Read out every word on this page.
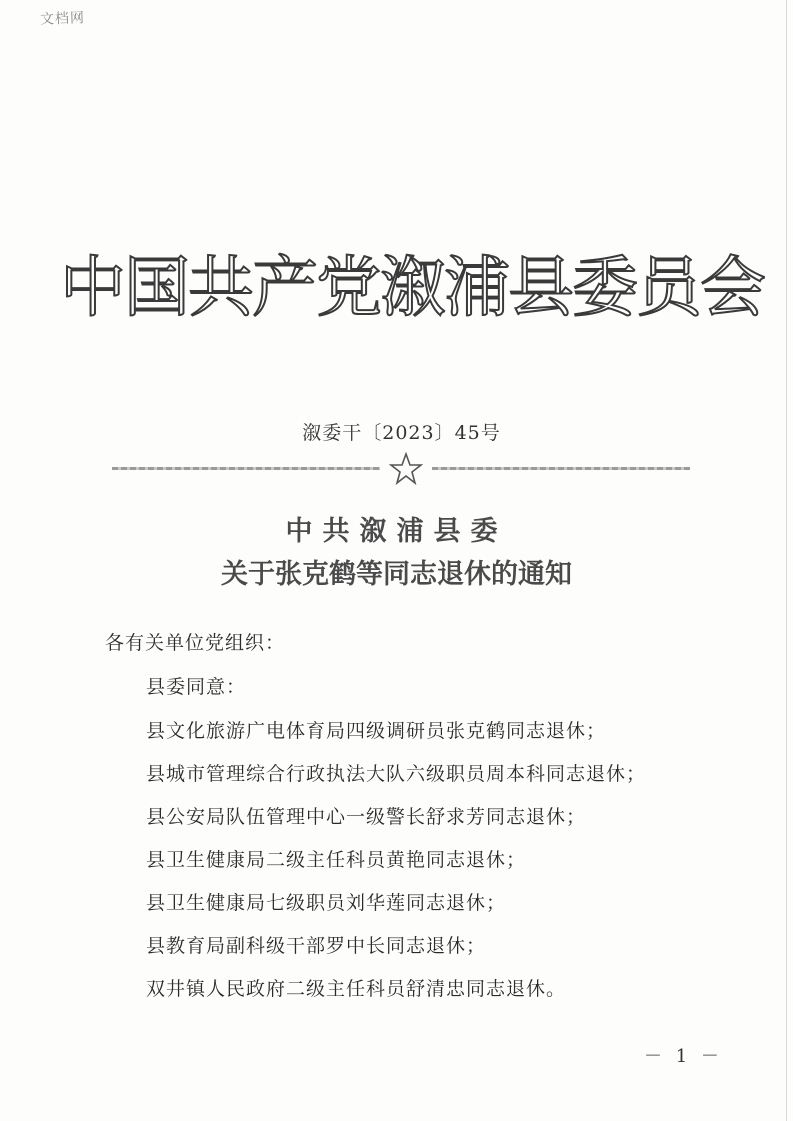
文档网
中国共产党溆浦县委员会
溆委干〔2023〕45号
中共溆浦县委
关于张克鹤等同志退休的通知
各有关单位党组织：
县委同意：
县文化旅游广电体育局四级调研员张克鹤同志退休；
县城市管理综合行政执法大队六级职员周本科同志退休；
县公安局队伍管理中心一级警长舒求芳同志退休；
县卫生健康局二级主任科员黄艳同志退休；
县卫生健康局七级职员刘华莲同志退休；
县教育局副科级干部罗中长同志退休；
双井镇人民政府二级主任科员舒清忠同志退休。
－ 1 －
